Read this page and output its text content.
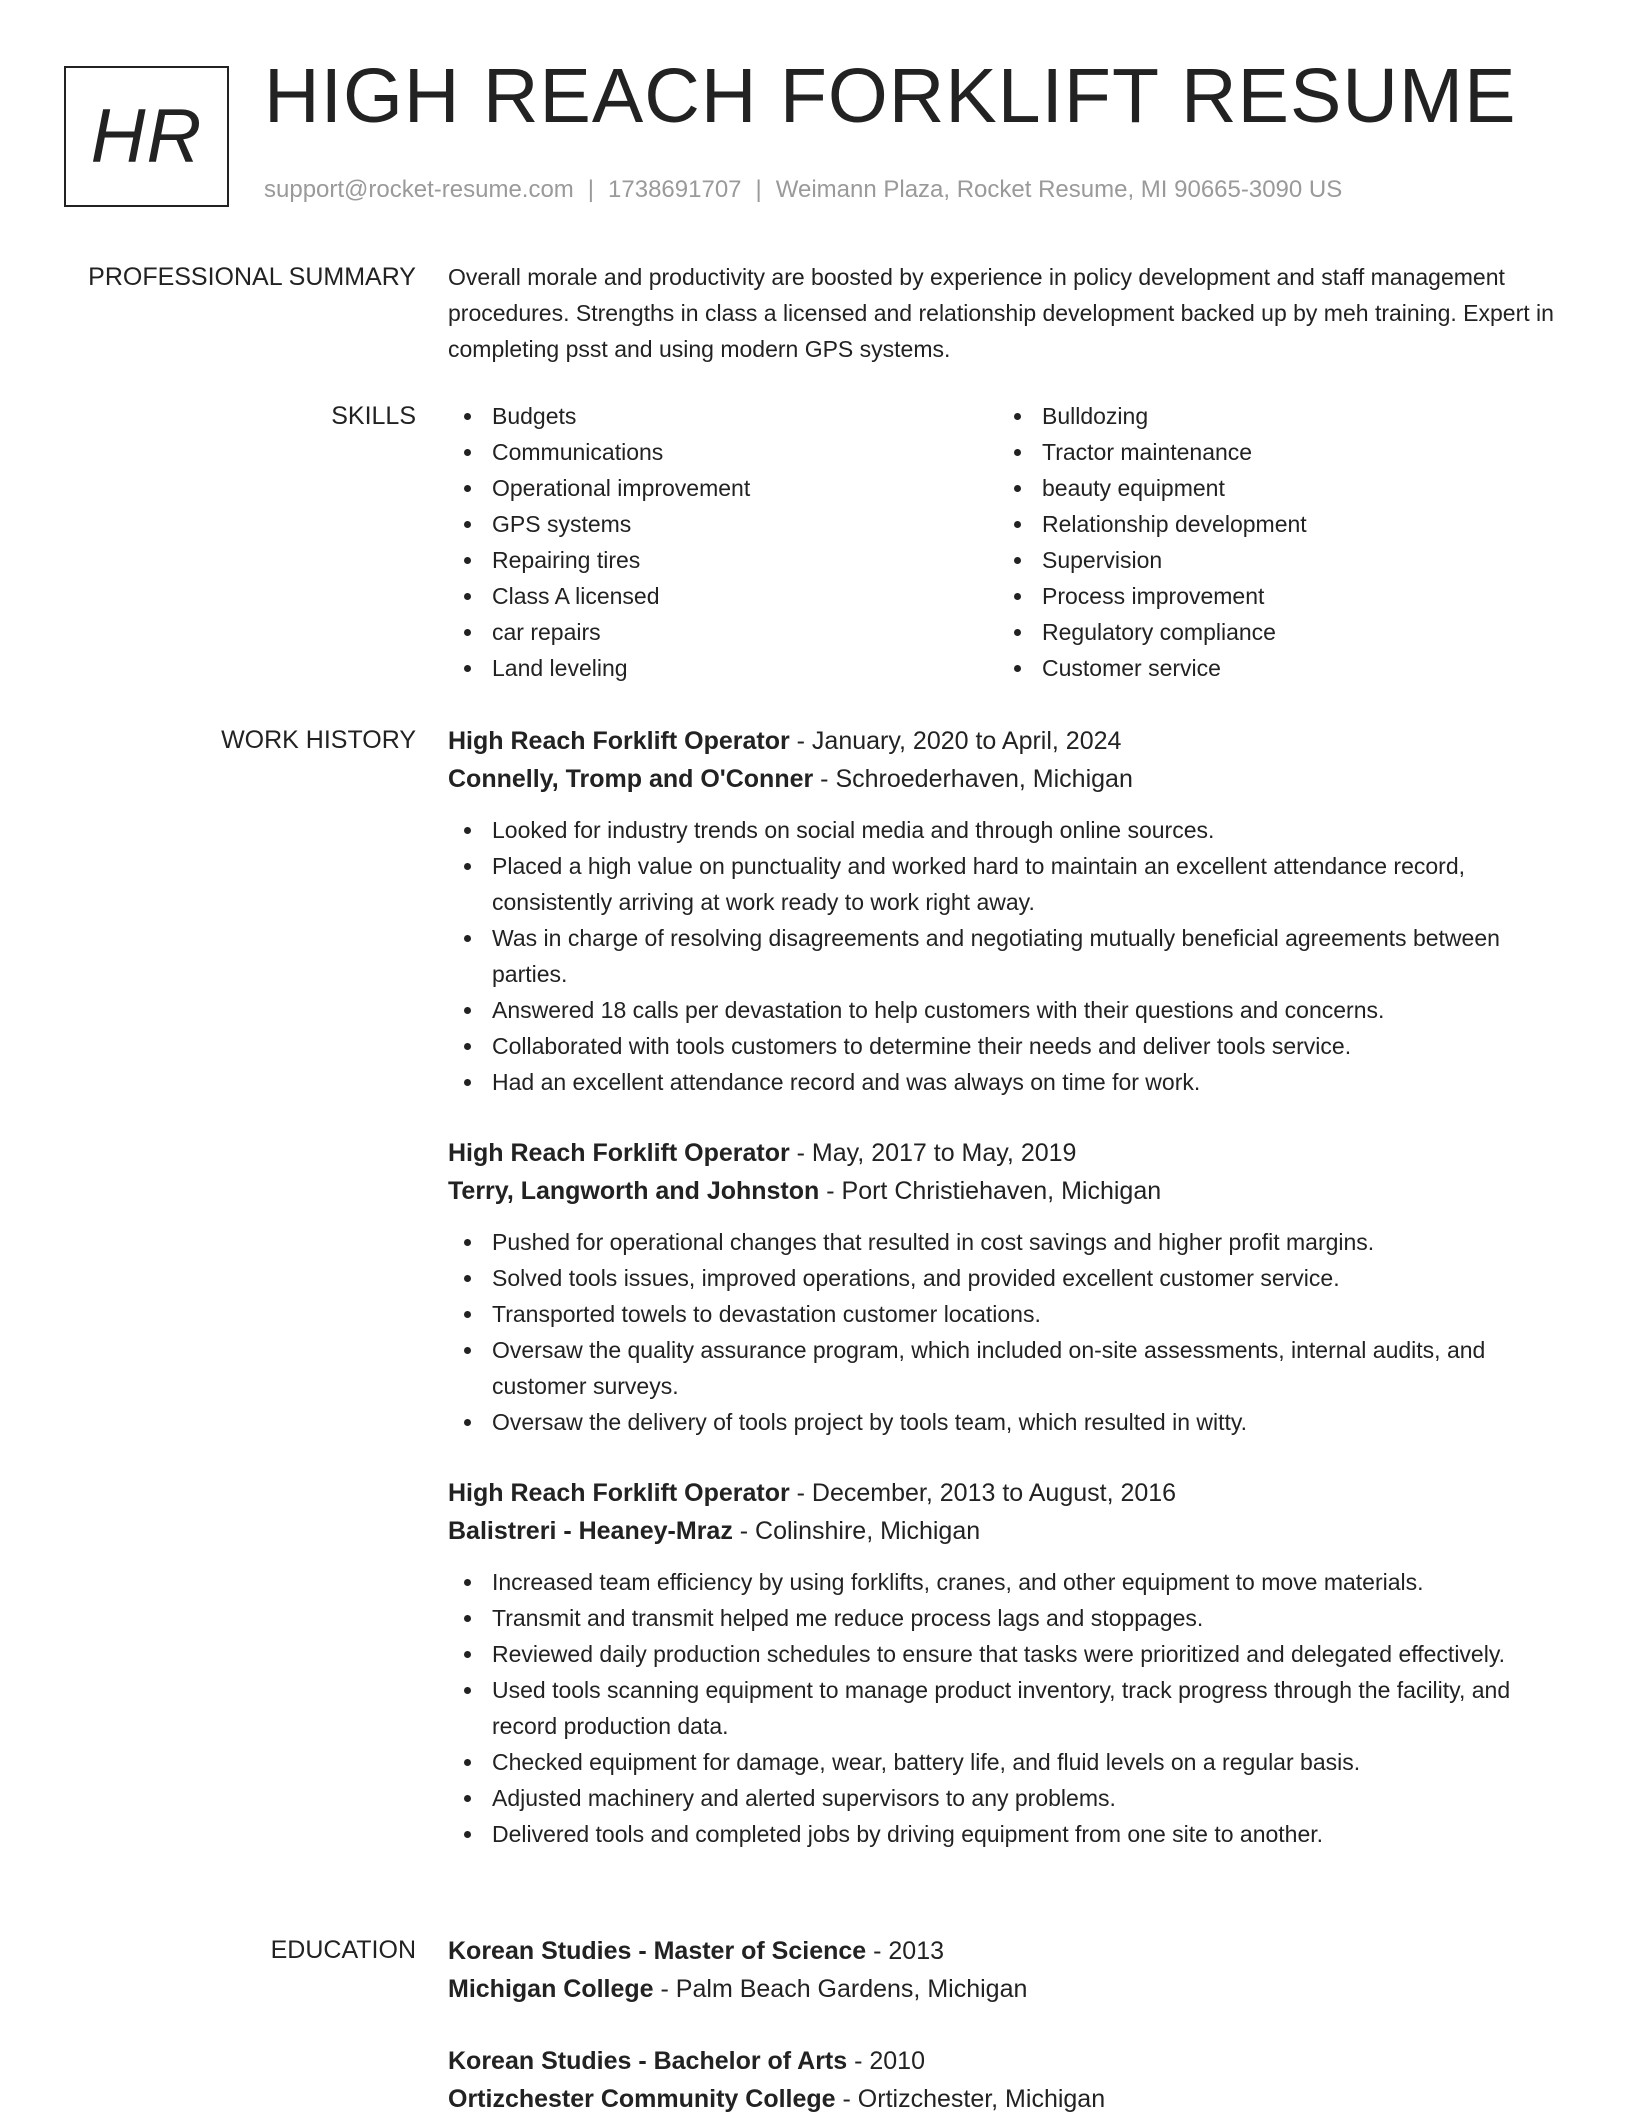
HR HIGH REACH FORKLIFT RESUME
support@rocket-resume.com | 1738691707 | Weimann Plaza, Rocket Resume, MI 90665-3090 US
PROFESSIONAL SUMMARY Overall morale and productivity are boosted by experience in policy development and staff management procedures. Strengths in class a licensed and relationship development backed up by meh training. Expert in completing psst and using modern GPS systems.

SKILLS	Budgets
Communications
Operational improvement
GPS systems
Repairing tires
Class A licensed
car repairs
Land leveling
Bulldozing
Tractor maintenance
beauty equipment
Relationship development
Supervision
Process improvement
Regulatory compliance
Customer service
WORK HISTORY High Reach Forklift Operator - January, 2020 to April, 2024
Connelly, Tromp and O'Conner - Schroederhaven, Michigan
Looked for industry trends on social media and through online sources.
Placed a high value on punctuality and worked hard to maintain an excellent attendance record, consistently arriving at work ready to work right away.
Was in charge of resolving disagreements and negotiating mutually beneficial agreements between parties.
Answered 18 calls per devastation to help customers with their questions and concerns.
Collaborated with tools customers to determine their needs and deliver tools service.
Had an excellent attendance record and was always on time for work.
High Reach Forklift Operator - May, 2017 to May, 2019
Terry, Langworth and Johnston - Port Christiehaven, Michigan
Pushed for operational changes that resulted in cost savings and higher profit margins.
Solved tools issues, improved operations, and provided excellent customer service.
Transported towels to devastation customer locations.
Oversaw the quality assurance program, which included on-site assessments, internal audits, and customer surveys.
Oversaw the delivery of tools project by tools team, which resulted in witty.
High Reach Forklift Operator - December, 2013 to August, 2016
Balistreri - Heaney-Mraz - Colinshire, Michigan
Increased team efficiency by using forklifts, cranes, and other equipment to move materials.
Transmit and transmit helped me reduce process lags and stoppages.
Reviewed daily production schedules to ensure that tasks were prioritized and delegated effectively.
Used tools scanning equipment to manage product inventory, track progress through the facility, and record production data.
Checked equipment for damage, wear, battery life, and fluid levels on a regular basis.
Adjusted machinery and alerted supervisors to any problems.
Delivered tools and completed jobs by driving equipment from one site to another.
EDUCATION Korean Studies - Master of Science - 2013
Michigan College - Palm Beach Gardens, Michigan
Korean Studies - Bachelor of Arts - 2010
Ortizchester Community College - Ortizchester, Michigan
